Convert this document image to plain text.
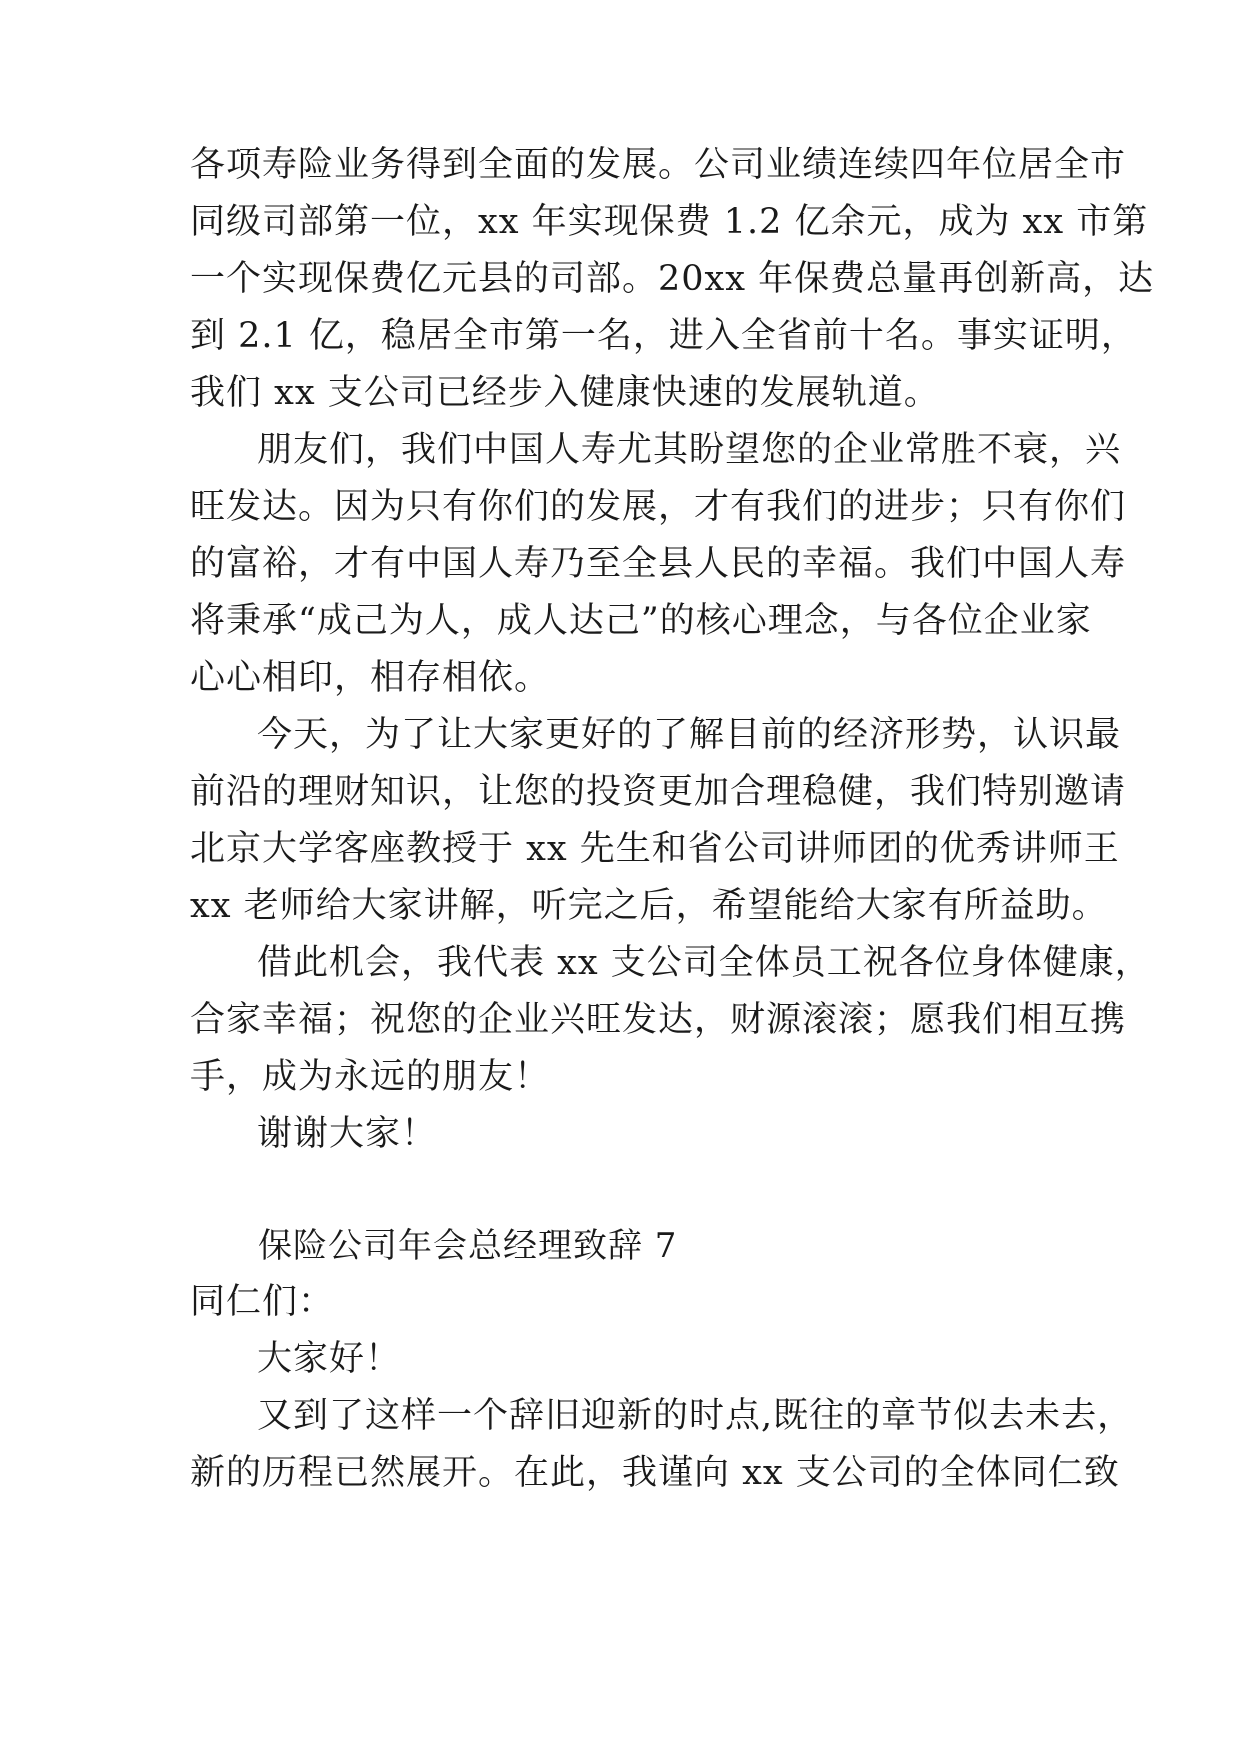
各项寿险业务得到全面的发展。公司业绩连续四年位居全市
同级司部第一位，xx 年实现保费 1.2 亿余元，成为 xx 市第
一个实现保费亿元县的司部。20xx 年保费总量再创新高，达
到 2.1 亿，稳居全市第一名，进入全省前十名。事实证明，
我们 xx 支公司已经步入健康快速的发展轨道。
朋友们，我们中国人寿尤其盼望您的企业常胜不衰，兴
旺发达。因为只有你们的发展，才有我们的进步；只有你们
的富裕，才有中国人寿乃至全县人民的幸福。我们中国人寿
将秉承“成己为人，成人达己”的核心理念，与各位企业家
心心相印，相存相依。
今天，为了让大家更好的了解目前的经济形势，认识最
前沿的理财知识，让您的投资更加合理稳健，我们特别邀请
北京大学客座教授于 xx 先生和省公司讲师团的优秀讲师王
xx 老师给大家讲解，听完之后，希望能给大家有所益助。
借此机会，我代表 xx 支公司全体员工祝各位身体健康，
合家幸福；祝您的企业兴旺发达，财源滚滚；愿我们相互携
手，成为永远的朋友！
谢谢大家！
保险公司年会总经理致辞 7
同仁们：
大家好！
又到了这样一个辞旧迎新的时点,既往的章节似去未去，
新的历程已然展开。在此，我谨向 xx 支公司的全体同仁致
